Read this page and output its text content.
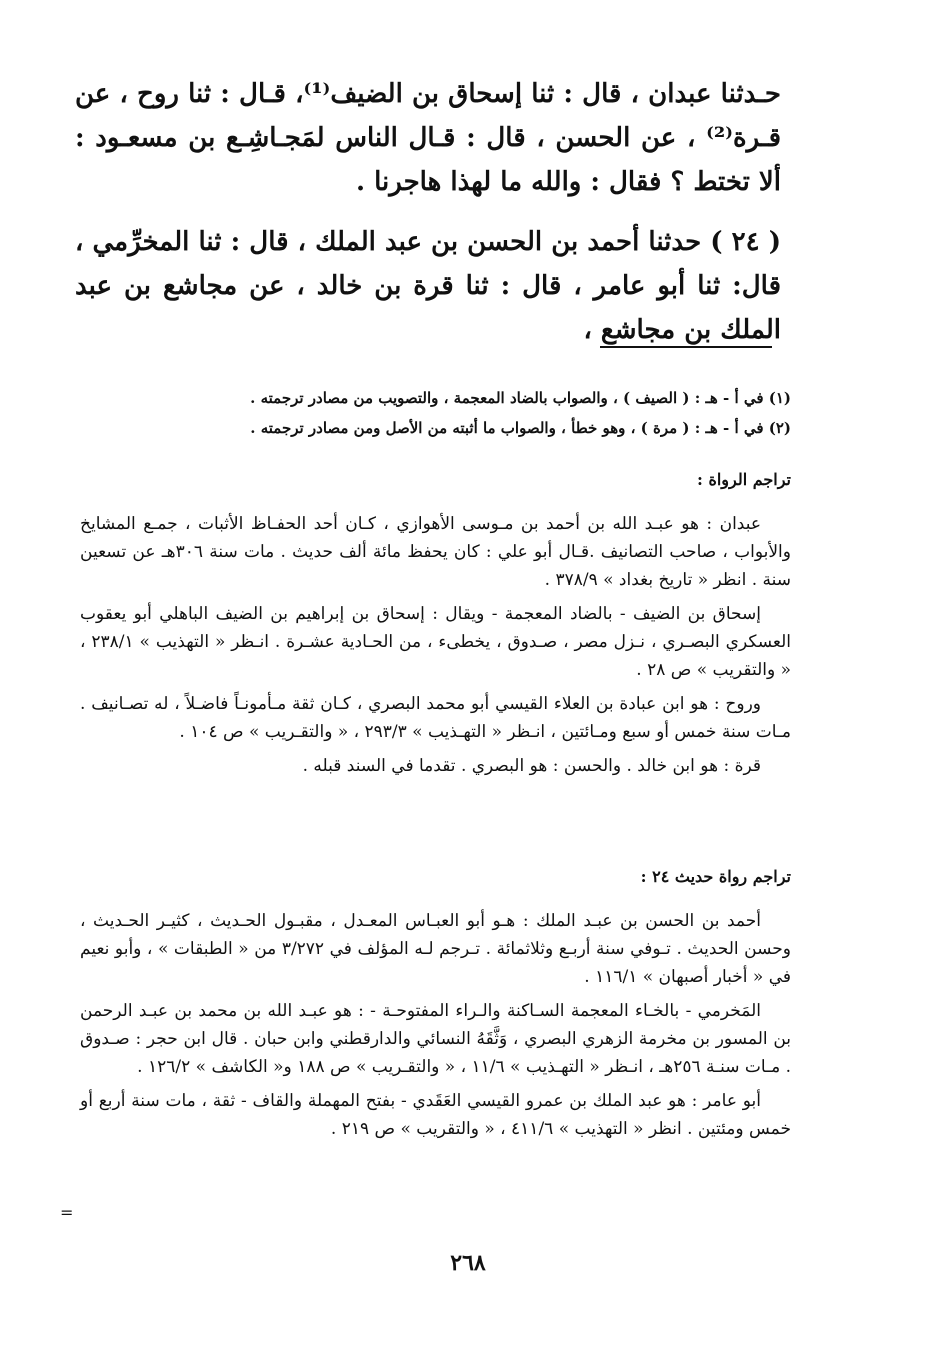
حـدثنا عبدان ، قال : ثنا إسحاق بن الضيف⁽¹⁾، قـال : ثنا روح ، عن قـرة⁽²⁾ ، عن الحسن ، قال : قـال الناس لمَجـاشِـع بن مسعـود : ألا تختط ؟ فقال : والله ما لهذا هاجرنا .

( ٢٤ ) حدثنا أحمد بن الحسن بن عبد الملك ، قال : ثنا المخرِّمي ، قال: ثنا أبو عامر ، قال : ثنا قرة بن خالد ، عن مجاشع بن عبد الملك بن مجاشع ،

(١) في أ - هـ : ( الصيف ) ، والصواب بالضاد المعجمة ، والتصويب من مصادر ترجمته .

(٢) في أ - هـ : ( مرة ) ، وهو خطأ ، والصواب ما أثبته من الأصل ومن مصادر ترجمته .

تراجم الرواة :

عبدان : هو عبـد الله بن أحمد بن مـوسى الأهوازي ، كـان أحد الحفـاظ الأثبات ، جمـع المشايخ والأبواب ، صاحب التصانيف .قـال أبو علي : كان يحفظ مائة ألف حديث . مات سنة ٣٠٦هـ عن تسعين سنة . انظر « تاريخ بغداد » ٣٧٨/٩ .

إسحاق بن الضيف - بالضاد المعجمة - ويقال : إسحاق بن إبراهيم بن الضيف الباهلي أبو يعقوب العسكري البصـري ، نـزل مصر ، صـدوق ، يخطىء ، من الحـادية عشـرة . انـظر « التهذيب » ٢٣٨/١ ، « والتقريب » ص ٢٨ .

وروح : هو ابن عبادة بن العلاء القيسي أبو محمد البصري ، كـان ثقة مـأمونـاً فاضـلاً ، له تصـانيف . مـات سنة خمس أو سبع ومـائتين ، انـظر « التهـذيب » ٢٩٣/٣ ، « والتقـريب » ص ١٠٤ .

قرة : هو ابن خالد . والحسن : هو البصري . تقدما في السند قبله .

تراجم رواة حديث ٢٤ :

أحمد بن الحسن بن عبـد الملك : هـو أبو العبـاس المعـدل ، مقبـول الحـديث ، كثيـر الحـديث ، وحسن الحديث . تـوفي سنة أربـع وثلاثمائة . تـرجم لـه المؤلف في ٣/٢٧٢ من « الطبقات » ، وأبو نعيم في « أخبار أصبهان » ١١٦/١ .

المَخرمي - بالخـاء المعجمة السـاكنة والـراء المفتوحـة - : هو عبـد الله بن محمد بن عبـد الرحمن بن المسور بن مخرمة الزهري البصري ، وَثَّقَهُ النسائي والدارقطني وابن حبان . قال ابن حجر : صـدوق . مـات سنـة ٢٥٦هـ ، انـظر « التهـذيب » ١١/٦ ، « والتقـريب » ص ١٨٨ و« الكاشف » ١٢٦/٢ .

أبو عامر : هو عبد الملك بن عمرو القيسي العَقَدي - بفتح المهملة والقاف - ثقة ، مات سنة أربع أو خمس ومئتين . انظر « التهذيب » ٤١١/٦ ، « والتقريب » ص ٢١٩ .

=
٢٦٨
